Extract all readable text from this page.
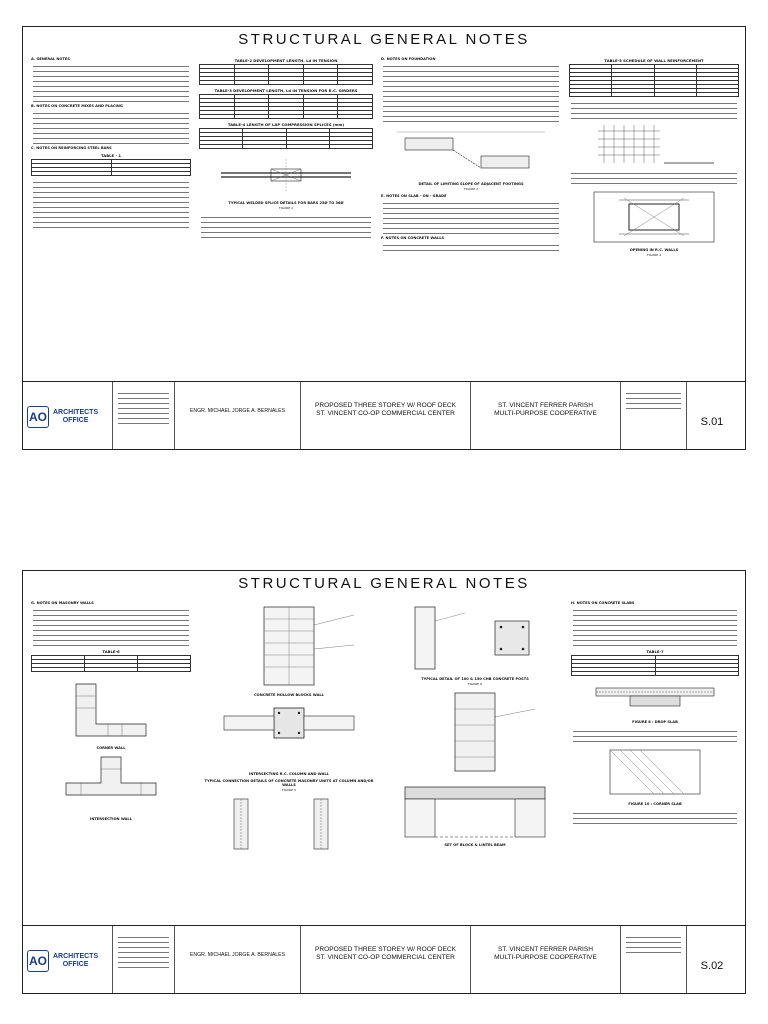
STRUCTURAL GENERAL NOTES
A. GENERAL NOTES
B. NOTES ON CONCRETE MIXES AND PLACING
C. NOTES ON REINFORCING STEEL BARS
TABLE - 1

TABLE-2 DEVELOPMENT LENGTH, Ld IN TENSION

TABLE-3 DEVELOPMENT LENGTH, Ld IN TENSION FOR R.C. GIRDERS

TABLE-4 LENGTH OF LAP COMPRESSION SPLICES (mm)

TYPICAL WELDED SPLICE DETAILS FOR BARS 25Ø TO 36Ø
FIGURE 1
D. NOTES ON FOUNDATION
DETAIL OF LIMITING SLOPE OF ADJACENT FOOTINGS
FIGURE 2
E. NOTES ON SLAB - ON - GRADE
F. NOTES ON CONCRETE WALLS
TABLE-5 SCHEDULE OF WALL REINFORCEMENT

OPENING IN R.C. WALLS
FIGURE 4
AO ARCHITECTS
OFFICE
ENGR. MICHAEL JORGE A. BERNALES
PROPOSED THREE STOREY W/ ROOF DECK
ST. VINCENT CO-OP COMMERCIAL CENTER
ST. VINCENT FERRER PARISH
MULTI-PURPOSE COOPERATIVE
S.01
STRUCTURAL GENERAL NOTES
G. NOTES ON MASONRY WALLS
TABLE-6

CORNER WALL
INTERSECTION WALL
CONCRETE HOLLOW BLOCKS WALL
INTERSECTING R.C. COLUMN AND WALL
TYPICAL CONNECTION DETAILS OF CONCRETE MASONRY UNITS AT COLUMN AND/OR WALLS
FIGURE 5
TYPICAL DETAIL OF 100 & 150 CHB CONCRETE POSTS
FIGURE 6
SET OF BLOCK & LINTEL BEAM
H. NOTES ON CONCRETE SLABS
TABLE-7

FIGURE 8 : DROP SLAB
FIGURE 10 : CORNER SLAB
AO ARCHITECTS
OFFICE
ENGR. MICHAEL JORGE A. BERNALES
PROPOSED THREE STOREY W/ ROOF DECK
ST. VINCENT CO-OP COMMERCIAL CENTER
ST. VINCENT FERRER PARISH
MULTI-PURPOSE COOPERATIVE
S.02
